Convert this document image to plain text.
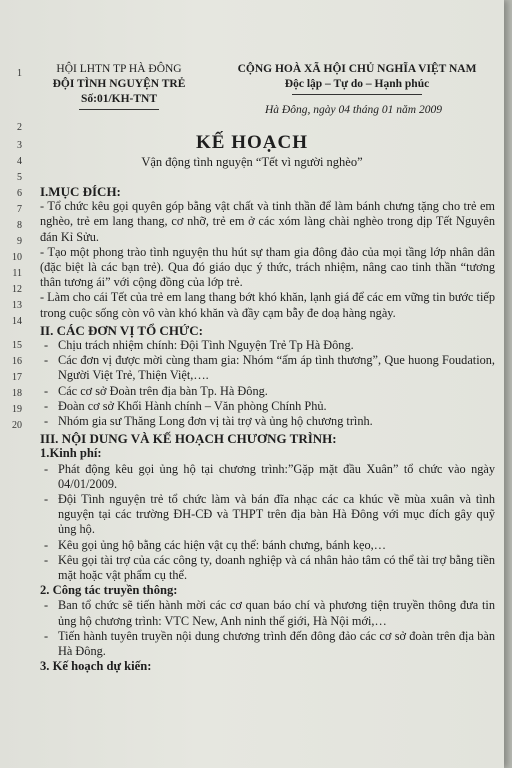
1
2
3
4
5
6
7
8
9
10
11
12
13
14
15
16
17
18
19
20
HỘI LHTN TP HÀ ĐÔNG
ĐỘI TÌNH NGUYỆN TRẺ
Số:01/KH-TNT
CỘNG HOÀ XÃ HỘI CHỦ NGHĨA VIỆT NAM
Độc lập – Tự do – Hạnh phúc
Hà Đông, ngày 04 tháng 01 năm 2009
KẾ HOẠCH
Vận động tình nguyện “Tết vì người nghèo”
I.MỤC ĐÍCH:
- Tổ chức kêu gọi quyên góp bằng vật chất và tinh thần để làm bánh chưng tặng cho trẻ em nghèo, trẻ em lang thang, cơ nhỡ, trẻ em ở các xóm làng chài nghèo trong dịp Tết Nguyên đán Kỉ Sửu.
- Tạo một phong trào tình nguyện thu hút sự tham gia đông đảo của mọi tầng lớp nhân dân (đặc biệt là các bạn trẻ). Qua đó giáo dục ý thức, trách nhiệm, nâng cao tinh thần “tương thân tương ái” với cộng đồng của lớp trẻ.
- Làm cho cái Tết của trẻ em lang thang bớt khó khăn, lạnh giá để các em vững tin bước tiếp trong cuộc sống còn vô vàn khó khăn và đầy cạm bẫy đe doạ hàng ngày.
II. CÁC ĐƠN VỊ TỔ CHỨC:
- Chịu trách nhiệm chính: Đội Tình Nguyện Trẻ Tp Hà Đông.
- Các đơn vị được mời cùng tham gia: Nhóm “ấm áp tình thương”, Que huong Foudation, Người Việt Trẻ, Thiện Việt,….
- Các cơ sở Đoàn trên địa bàn Tp. Hà Đông.
- Đoàn cơ sở Khối Hành chính – Văn phòng Chính Phủ.
- Nhóm gia sư Thăng Long đơn vị tài trợ và ủng hộ chương trình.
III. NỘI DUNG VÀ KẾ HOẠCH CHƯƠNG TRÌNH:
1.Kinh phí:
- Phát động kêu gọi ủng hộ tại chương trình:”Gặp mặt đầu Xuân” tổ chức vào ngày 04/01/2009.
- Đội Tình nguyện trẻ tổ chức làm và bán đĩa nhạc các ca khúc về mùa xuân và tình nguyện tại các trường ĐH-CĐ và THPT trên địa bàn Hà Đông với mục đích gây quỹ ủng hộ.
- Kêu gọi ủng hộ bằng các hiện vật cụ thể: bánh chưng, bánh kẹo,…
- Kêu gọi tài trợ của các công ty, doanh nghiệp và cá nhân hảo tâm có thể tài trợ bằng tiền mặt hoặc vật phẩm cụ thể.
2. Công tác truyền thông:
- Ban tổ chức sẽ tiến hành mời các cơ quan báo chí và phương tiện truyền thông đưa tin ủng hộ chương trình: VTC New, Anh ninh thế giới, Hà Nội mới,…
- Tiến hành tuyên truyền nội dung chương trình đến đông đảo các cơ sở đoàn trên địa bàn Hà Đông.
3. Kế hoạch dự kiến:
